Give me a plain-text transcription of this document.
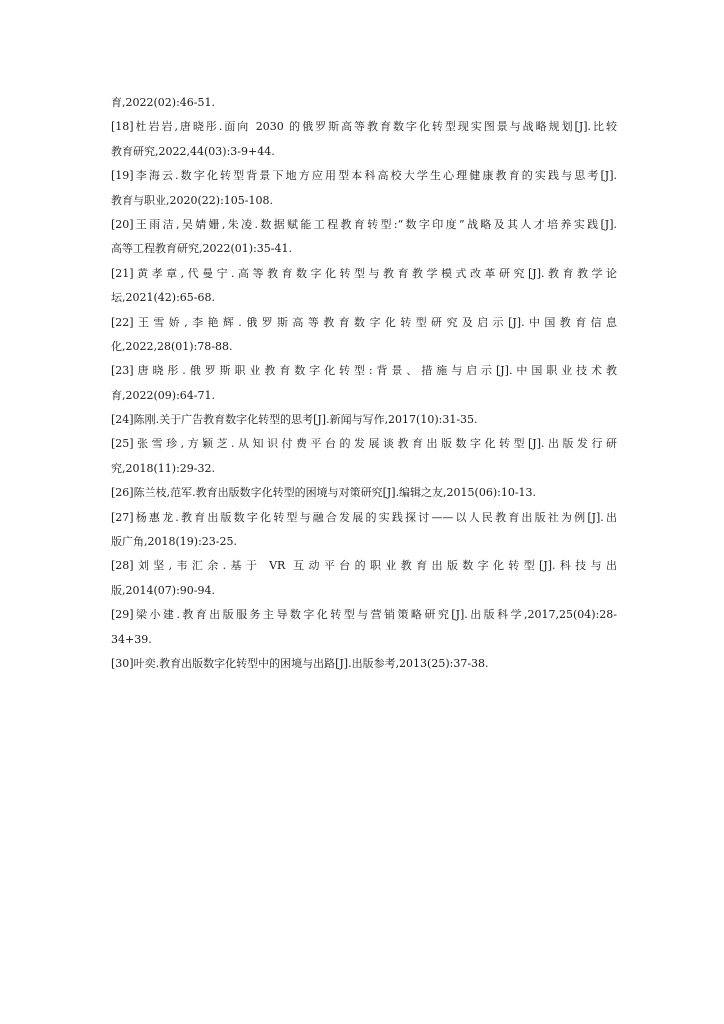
育,2022(02):46-51.
[18]杜岩岩,唐晓彤.面向 2030 的俄罗斯高等教育数字化转型现实图景与战略规划[J].比较
教育研究,2022,44(03):3-9+44.
[19]李海云.数字化转型背景下地方应用型本科高校大学生心理健康教育的实践与思考[J].
教育与职业,2020(22):105-108.
[20]王雨洁,吴婧姗,朱凌.数据赋能工程教育转型:“数字印度”战略及其人才培养实践[J].
高等工程教育研究,2022(01):35-41.
[21]黄孝章,代曼宁.高等教育数字化转型与教育教学模式改革研究[J].教育教学论
坛,2021(42):65-68.
[22]王雪娇,李艳辉.俄罗斯高等教育数字化转型研究及启示[J].中国教育信息
化,2022,28(01):78-88.
[23]唐晓彤.俄罗斯职业教育数字化转型:背景、措施与启示[J].中国职业技术教
育,2022(09):64-71.
[24]陈刚.关于广告教育数字化转型的思考[J].新闻与写作,2017(10):31-35.
[25]张雪珍,方颖芝.从知识付费平台的发展谈教育出版数字化转型[J].出版发行研
究,2018(11):29-32.
[26]陈兰枝,范军.教育出版数字化转型的困境与对策研究[J].编辑之友,2015(06):10-13.
[27]杨惠龙.教育出版数字化转型与融合发展的实践探讨——以人民教育出版社为例[J].出
版广角,2018(19):23-25.
[28]刘坚,韦汇余.基于 VR 互动平台的职业教育出版数字化转型[J].科技与出
版,2014(07):90-94.
[29]梁小建.教育出版服务主导数字化转型与营销策略研究[J].出版科学,2017,25(04):28-
34+39.
[30]叶奕.教育出版数字化转型中的困境与出路[J].出版参考,2013(25):37-38.
